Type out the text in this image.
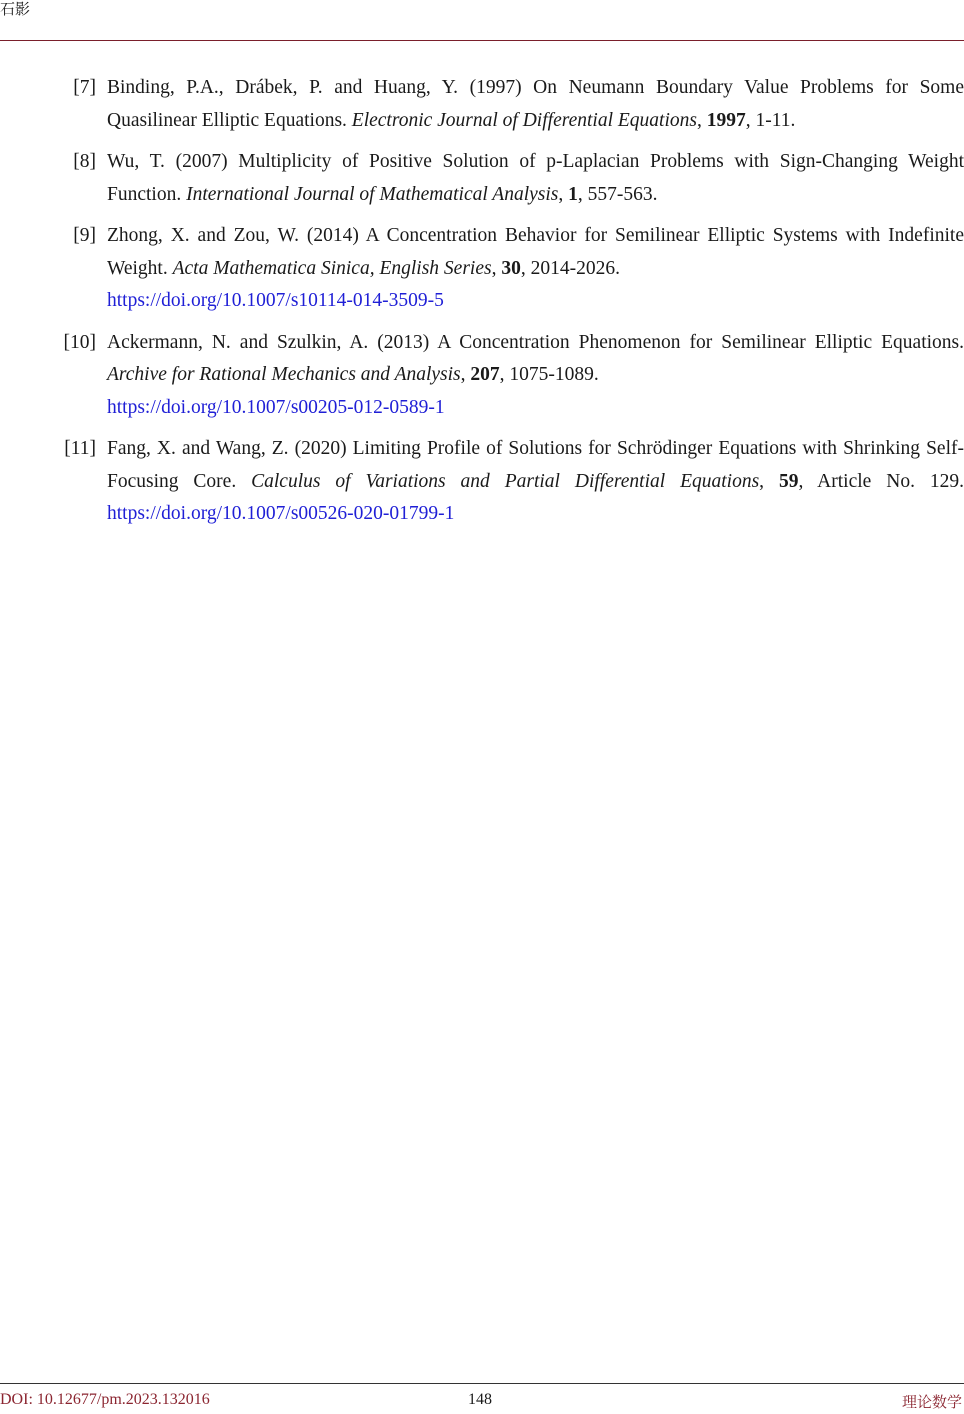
石影
[7] Binding, P.A., Drábek, P. and Huang, Y. (1997) On Neumann Boundary Value Problems for Some Quasilinear Elliptic Equations. Electronic Journal of Differential Equations, 1997, 1-11.
[8] Wu, T. (2007) Multiplicity of Positive Solution of p-Laplacian Problems with Sign-Changing Weight Function. International Journal of Mathematical Analysis, 1, 557-563.
[9] Zhong, X. and Zou, W. (2014) A Concentration Behavior for Semilinear Elliptic Systems with Indefinite Weight. Acta Mathematica Sinica, English Series, 30, 2014-2026.
https://doi.org/10.1007/s10114-014-3509-5
[10] Ackermann, N. and Szulkin, A. (2013) A Concentration Phenomenon for Semilinear Elliptic Equations. Archive for Rational Mechanics and Analysis, 207, 1075-1089.
https://doi.org/10.1007/s00205-012-0589-1
[11] Fang, X. and Wang, Z. (2020) Limiting Profile of Solutions for Schrödinger Equations with Shrinking Self-Focusing Core. Calculus of Variations and Partial Differential Equations, 59, Article No. 129. https://doi.org/10.1007/s00526-020-01799-1
DOI: 10.12677/pm.2023.132016	148	理论数学
